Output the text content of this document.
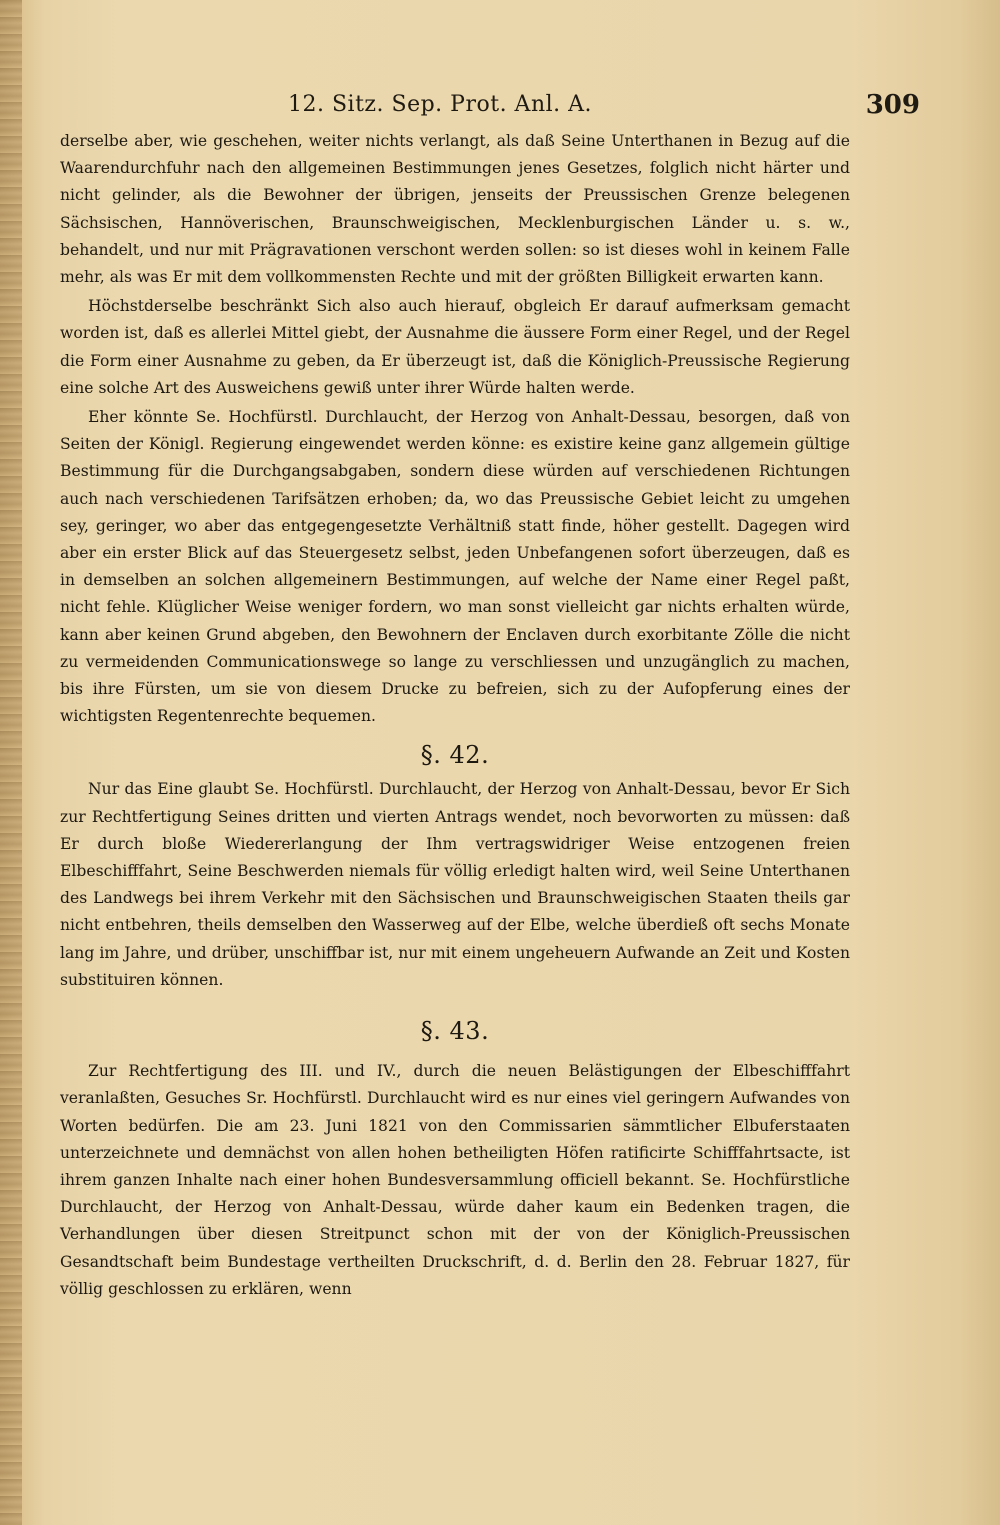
12. Sitz. Sep. Prot. Anl. A.	309

derselbe aber, wie geschehen, weiter nichts verlangt, als daß Seine Unterthanen in Bezug auf die Waarendurchfuhr nach den allgemeinen Bestimmungen jenes Gesetzes, folglich nicht härter und nicht gelinder, als die Bewohner der übrigen, jenseits der Preussischen Grenze belegenen Sächsischen, Hannöverischen, Braunschweigischen, Mecklenburgischen Länder u. s. w., behandelt, und nur mit Prägravationen verschont werden sollen: so ist dieses wohl in keinem Falle mehr, als was Er mit dem vollkommensten Rechte und mit der größten Billigkeit erwarten kann.

Höchstderselbe beschränkt Sich also auch hierauf, obgleich Er darauf aufmerksam gemacht worden ist, daß es allerlei Mittel giebt, der Ausnahme die äussere Form einer Regel, und der Regel die Form einer Ausnahme zu geben, da Er überzeugt ist, daß die Königlich-Preussische Regierung eine solche Art des Ausweichens gewiß unter ihrer Würde halten werde.

Eher könnte Se. Hochfürstl. Durchlaucht, der Herzog von Anhalt-Dessau, besorgen, daß von Seiten der Königl. Regierung eingewendet werden könne: es existire keine ganz allgemein gültige Bestimmung für die Durchgangsabgaben, sondern diese würden auf verschiedenen Richtungen auch nach verschiedenen Tarifsätzen erhoben; da, wo das Preussische Gebiet leicht zu umgehen sey, geringer, wo aber das entgegengesetzte Verhältniß statt finde, höher gestellt. Dagegen wird aber ein erster Blick auf das Steuergesetz selbst, jeden Unbefangenen sofort überzeugen, daß es in demselben an solchen allgemeinern Bestimmungen, auf welche der Name einer Regel paßt, nicht fehle. Klüglicher Weise weniger fordern, wo man sonst vielleicht gar nichts erhalten würde, kann aber keinen Grund abgeben, den Bewohnern der Enclaven durch exorbitante Zölle die nicht zu vermeidenden Communicationswege so lange zu verschliessen und unzugänglich zu machen, bis ihre Fürsten, um sie von diesem Drucke zu befreien, sich zu der Aufopferung eines der wichtigsten Regentenrechte bequemen.

§. 42.

Nur das Eine glaubt Se. Hochfürstl. Durchlaucht, der Herzog von Anhalt-Dessau, bevor Er Sich zur Rechtfertigung Seines dritten und vierten Antrags wendet, noch bevorworten zu müssen: daß Er durch bloße Wiedererlangung der Ihm vertragswidriger Weise entzogenen freien Elbeschifffahrt, Seine Beschwerden niemals für völlig erledigt halten wird, weil Seine Unterthanen des Landwegs bei ihrem Verkehr mit den Sächsischen und Braunschweigischen Staaten theils gar nicht entbehren, theils demselben den Wasserweg auf der Elbe, welche überdieß oft sechs Monate lang im Jahre, und drüber, unschiffbar ist, nur mit einem ungeheuern Aufwande an Zeit und Kosten substituiren können.

§. 43.

Zur Rechtfertigung des III. und IV., durch die neuen Belästigungen der Elbeschifffahrt veranlaßten, Gesuches Sr. Hochfürstl. Durchlaucht wird es nur eines viel geringern Aufwandes von Worten bedürfen. Die am 23. Juni 1821 von den Commissarien sämmtlicher Elbuferstaaten unterzeichnete und demnächst von allen hohen betheiligten Höfen ratificirte Schifffahrtsacte, ist ihrem ganzen Inhalte nach einer hohen Bundesversammlung officiell bekannt. Se. Hochfürstliche Durchlaucht, der Herzog von Anhalt-Dessau, würde daher kaum ein Bedenken tragen, die Verhandlungen über diesen Streitpunct schon mit der von der Königlich-Preussischen Gesandtschaft beim Bundestage vertheilten Druckschrift, d. d. Berlin den 28. Februar 1827, für völlig geschlossen zu erklären, wenn
